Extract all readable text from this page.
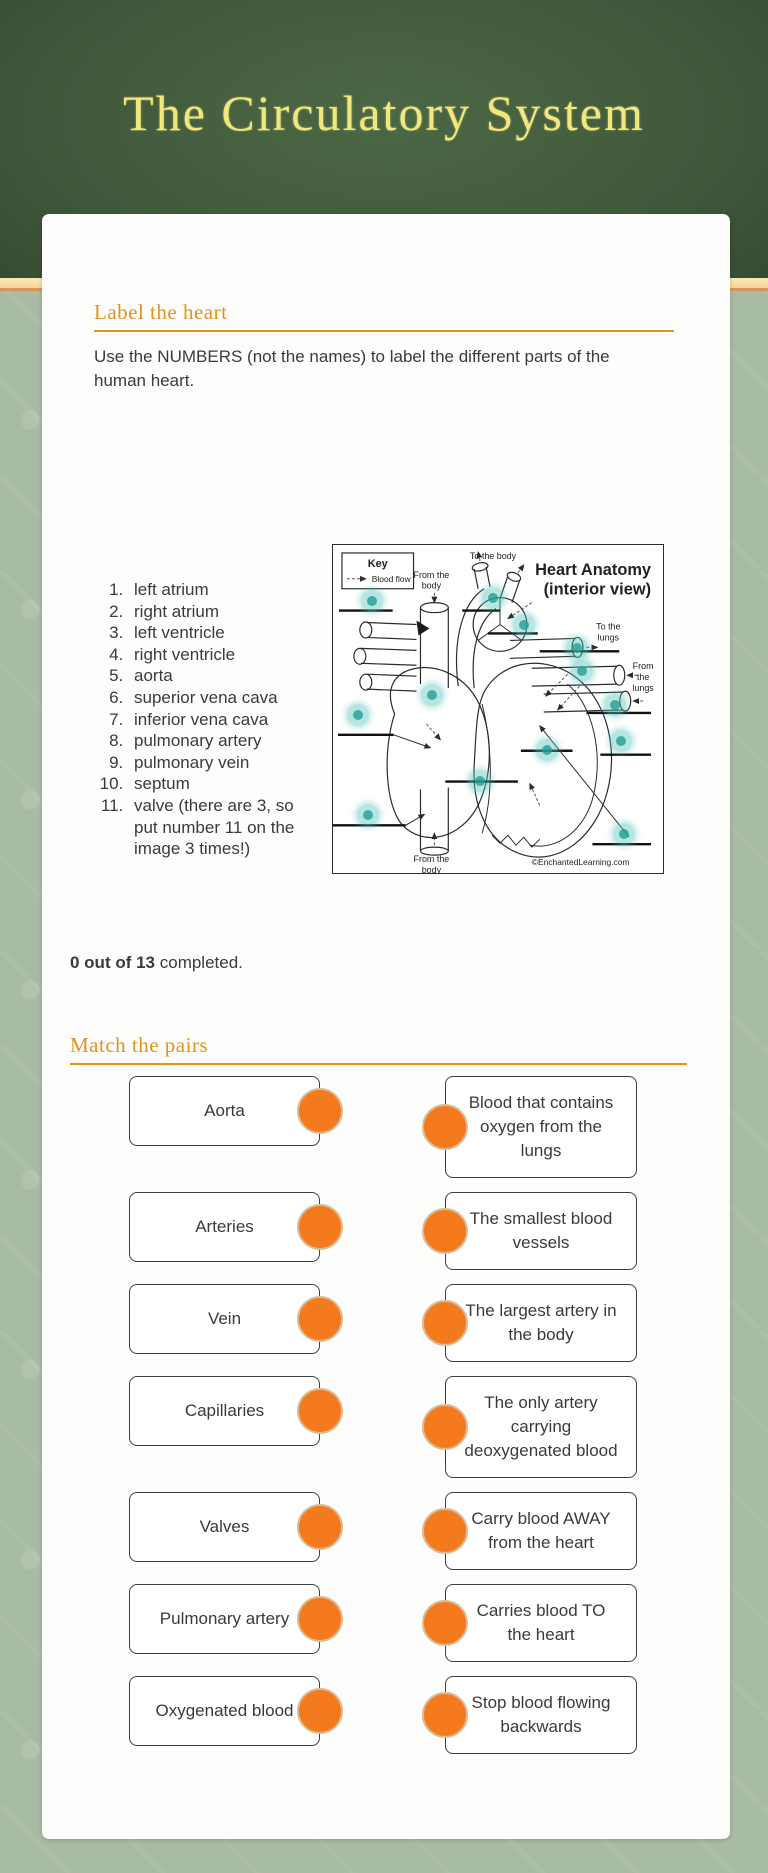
The Circulatory System
Label the heart

Use the NUMBERS (not the names) to label the different parts of the human heart.

1. left atrium
2. right atrium
3. left ventricle
4. right ventricle
5. aorta
6. superior vena cava
7. inferior vena cava
8. pulmonary artery
9. pulmonary vein
10. septum
11. valve (there are 3, so put number 11 on the image 3 times!)
Key
Blood flow	Heart Anatomy
(interior view)
To the body
From the
body
To the
lungs
From
the
lungs
From the
body
©EnchantedLearning.com

0 out of 13 completed.

Match the pairs
Aorta	Blood that contains oxygen from the lungs
Arteries	The smallest blood vessels
Vein	The largest artery in the body
Capillaries	The only artery carrying deoxygenated blood
Valves	Carry blood AWAY from the heart
Pulmonary artery	Carries blood TO the heart
Oxygenated blood	Stop blood flowing backwards
